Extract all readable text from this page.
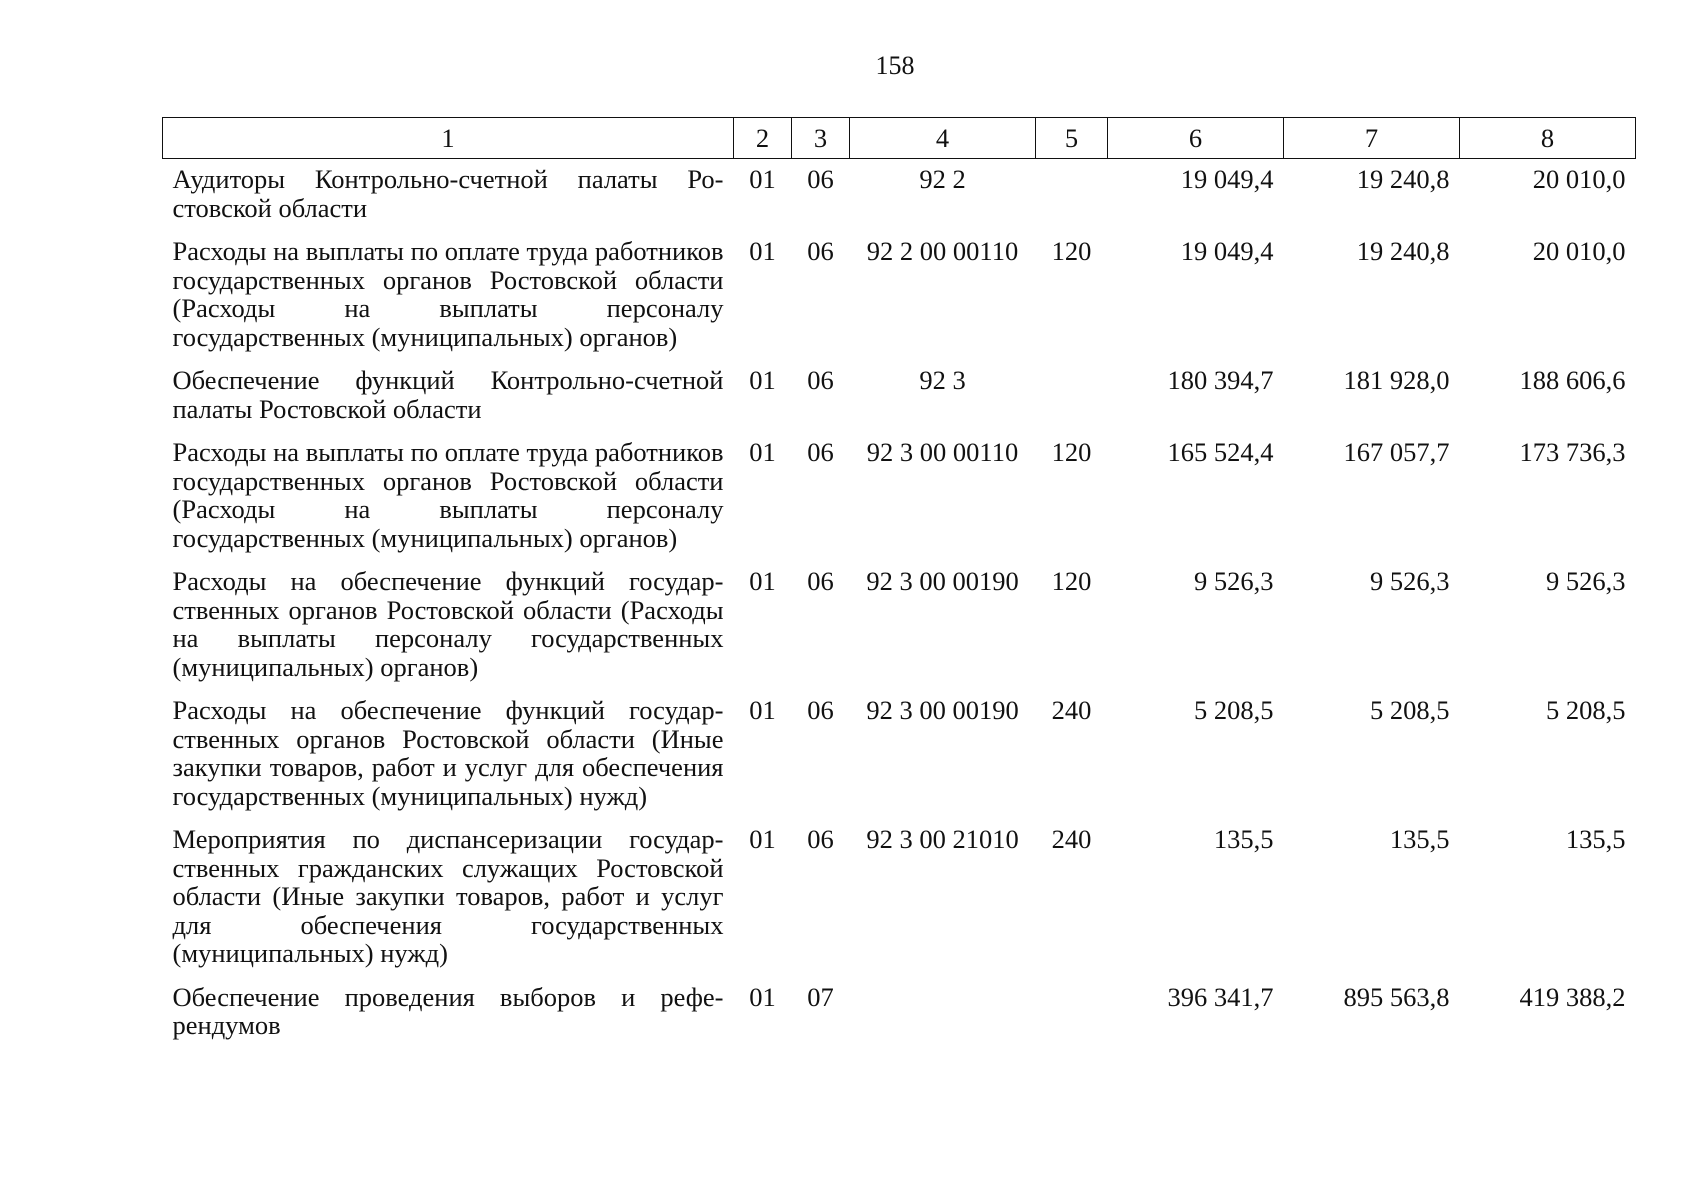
158
1	2	3	4	5	6	7	8
Аудиторы Контрольно-счетной палаты Ростовской области	01	06	92 2		19 049,4	19 240,8	20 010,0
Расходы на выплаты по оплате труда работников государственных органов Ростовской области (Расходы на выплаты персоналу государственных (муниципальных) органов)	01	06	92 2 00 00110	120	19 049,4	19 240,8	20 010,0
Обеспечение функций Контрольно-счетной палаты Ростовской области	01	06	92 3		180 394,7	181 928,0	188 606,6
Расходы на выплаты по оплате труда работников государственных органов Ростовской области (Расходы на выплаты персоналу государственных (муниципальных) органов)	01	06	92 3 00 00110	120	165 524,4	167 057,7	173 736,3
Расходы на обеспечение функций государственных органов Ростовской области (Расходы на выплаты персоналу государственных (муниципальных) органов)	01	06	92 3 00 00190	120	9 526,3	9 526,3	9 526,3
Расходы на обеспечение функций государственных органов Ростовской области (Иные закупки товаров, работ и услуг для обеспечения государственных (муниципальных) нужд)	01	06	92 3 00 00190	240	5 208,5	5 208,5	5 208,5
Мероприятия по диспансеризации государственных гражданских служащих Ростовской области (Иные закупки товаров, работ и услуг для обеспечения государственных (муниципальных) нужд)	01	06	92 3 00 21010	240	135,5	135,5	135,5
Обеспечение проведения выборов и референдумов	01	07			396 341,7	895 563,8	419 388,2
